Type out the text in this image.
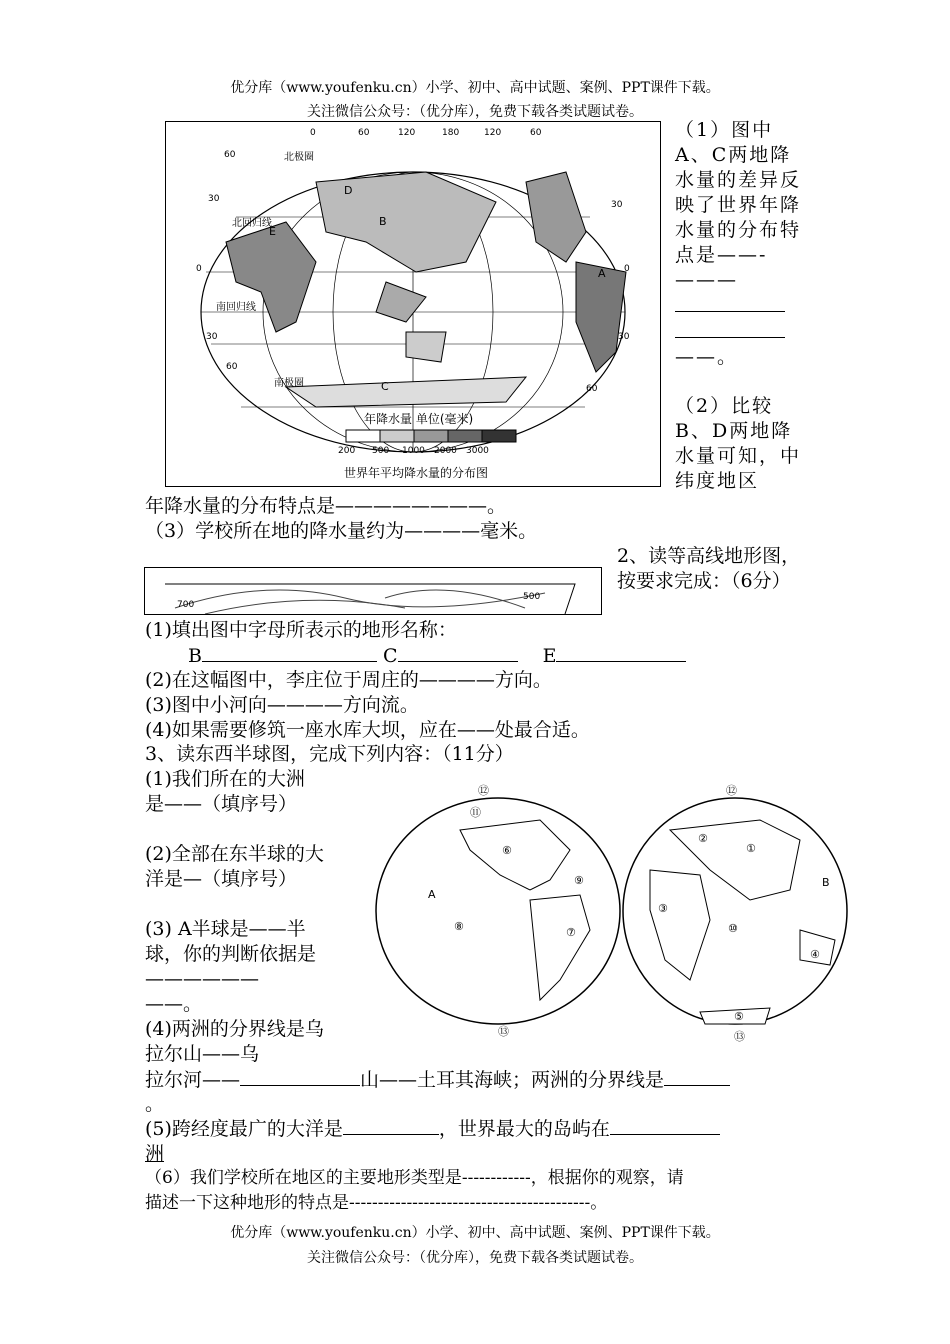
优分库（www.youfenku.cn）小学、初中、高中试题、案例、PPT课件下载。
关注微信公众号：（优分库），免费下载各类试题试卷。
0	60	120	180	120	60
60
30
0
30
60
30
0
30
60
北极圈
北回归线
南回归线
南极圈
A
B
C
D
E
年降水量 单位(毫米)
200 500 1000 2000 3000
世界年平均降水量的分布图
（1）图中A、C两地降水量的差异反映了世界年降水量的分布特点是——-———

——。
（2）比较B、D两地降水量可知，中纬度地区
年降水量的分布特点是————————。
（3）学校所在地的降水量约为————毫米。
2、读等高线地形图，按要求完成：（6分）
700
500
(1)填出图中字母所表示的地形名称：
B	C　	E
(2)在这幅图中，李庄位于周庄的————方向。
(3)图中小河向————方向流。
(4)如果需要修筑一座水库大坝，应在——处最合适。
3、读东西半球图，完成下列内容：（11分）
(1)我们所在的大洲　是——（填序号）
(2)全部在东半球的大洋是—（填序号）
(3) A半球是——半球，你的判断依据是——————
——。
(4)两洲的分界线是乌拉尔山——乌
拉尔河——	山——土耳其海峡；两洲的分界线是
。
(5)跨经度最广的大洋是	，世界最大的岛屿在
洲
（6）我们学校所在地区的主要地形类型是------------，根据你的观察，请
描述一下这种地形的特点是------------------------------------------。
⑫
⑪
⑥
⑨
⑧	⑦
⑬
⑫
②
①
③
⑩
④
⑤
⑬
A
B
优分库（www.youfenku.cn）小学、初中、高中试题、案例、PPT课件下载。
关注微信公众号：（优分库），免费下载各类试题试卷。
